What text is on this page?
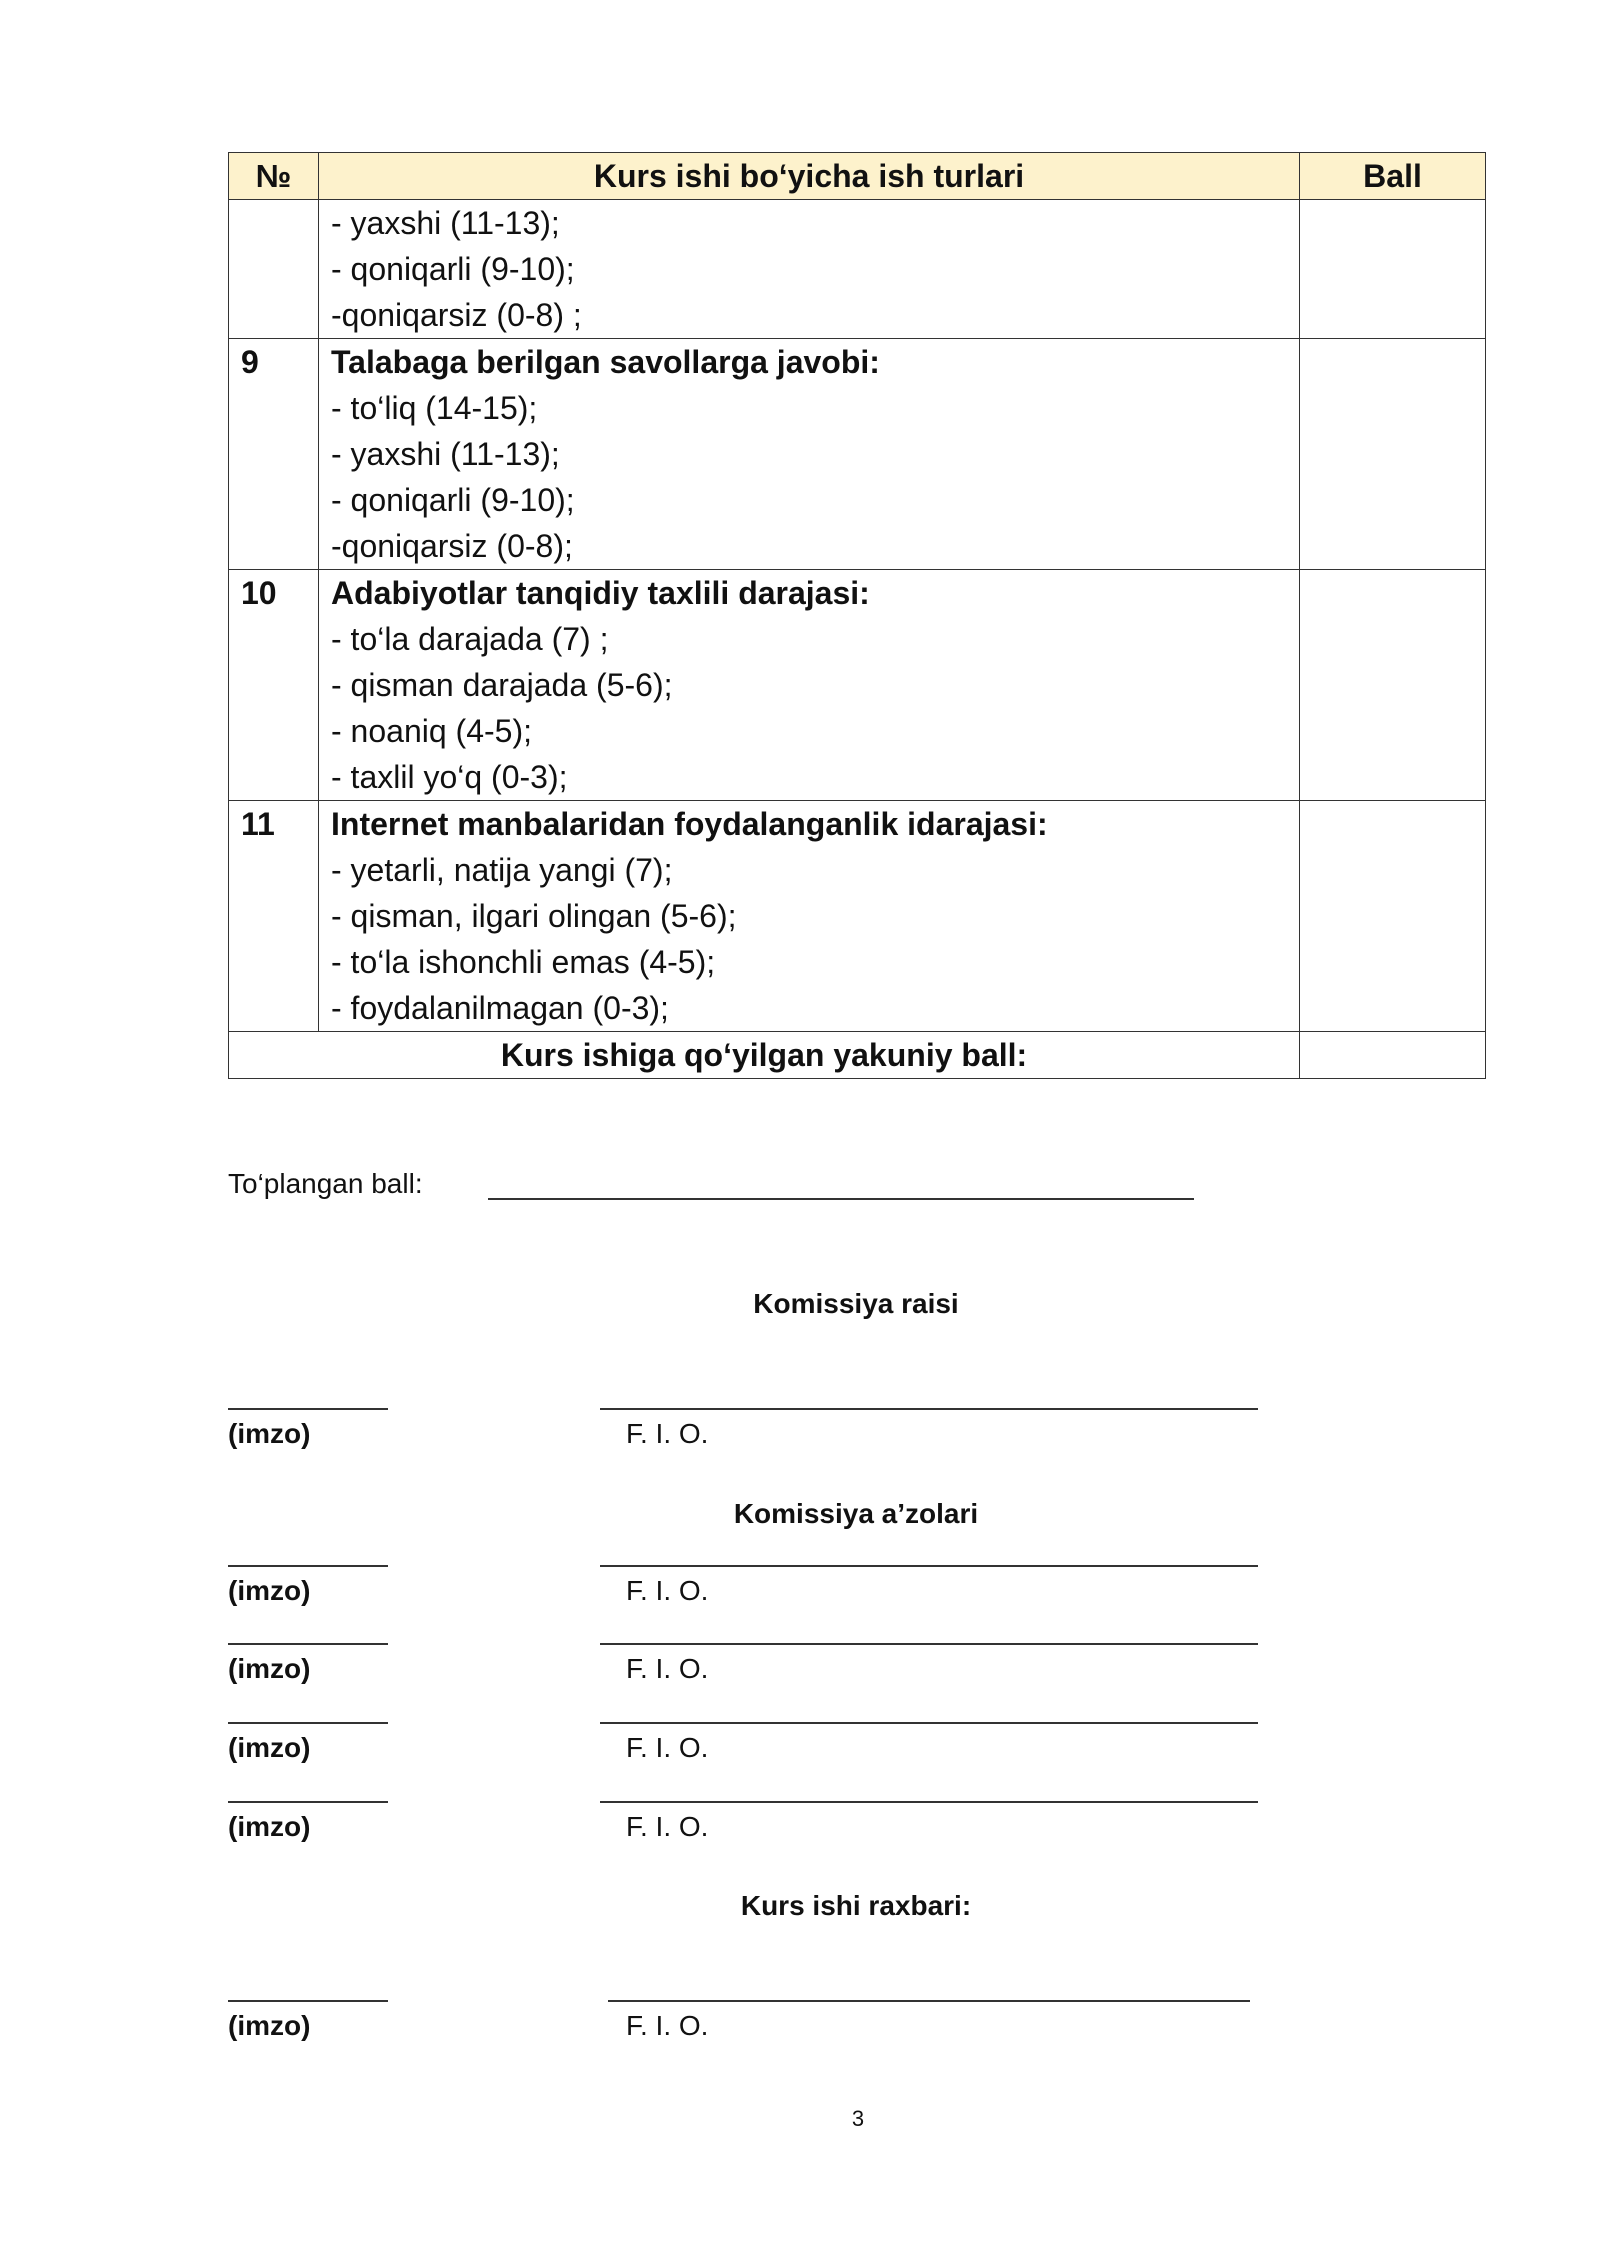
№	Kurs ishi bo‘yicha ish turlari	Ball

	- yaxshi (11-13);
- qoniqarli (9-10);
-qoniqarsiz (0-8) ;	

9	Talabaga berilgan savollarga javobi:
- to‘liq (14-15);
- yaxshi (11-13);
- qoniqarli (9-10);
-qoniqarsiz (0-8);	

10	Adabiyotlar tanqidiy taxlili darajasi:
- to‘la darajada (7) ;
- qisman darajada (5-6);
- noaniq (4-5);
- taxlil yo‘q (0-3);	

11	Internet manbalaridan foydalanganlik idarajasi:
- yetarli, natija yangi (7);
- qisman, ilgari olingan (5-6);
- to‘la ishonchli emas (4-5);
- foydalanilmagan (0-3);	

Kurs ishiga qo‘yilgan yakuniy ball:		
To‘plangan ball:
Komissiya raisi
(imzo)	F. I. O.
Komissiya a’zolari
(imzo)	F. I. O.
(imzo)	F. I. O.
(imzo)	F. I. O.
(imzo)	F. I. O.
Kurs ishi raxbari:
(imzo)	F. I. O.
3
